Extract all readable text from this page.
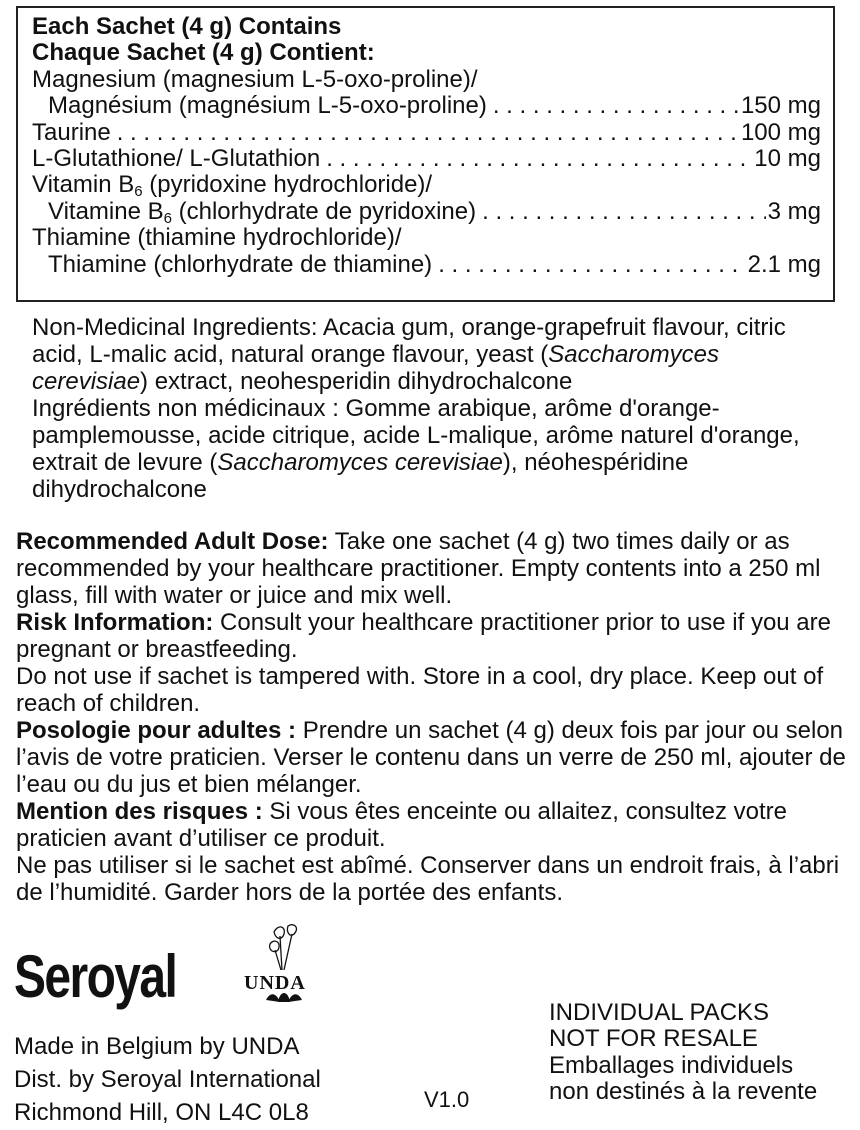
Each Sachet (4 g) Contains
Chaque Sachet (4 g) Contient:
Magnesium (magnesium L-5-oxo-proline)/
Magnésium (magnésium L-5-oxo-proline) . . .	150 mg
Taurine . . .	100 mg
L-Glutathione/ L-Glutathion . . .	10 mg
Vitamin $B_6$ (pyridoxine hydrochloride)/
Vitamine $B_6$ (chlorhydrate de pyridoxine) . . .	3 mg
Thiamine (thiamine hydrochloride)/
Thiamine (chlorhydrate de thiamine) . . .	2.1 mg
Non-Medicinal Ingredients: Acacia gum, orange-grapefruit flavour, citric acid, L-malic acid, natural orange flavour, yeast (Saccharomyces cerevisiae) extract, neohesperidin dihydrochalcone
Ingrédients non médicinaux : Gomme arabique, arôme d'orange-pamplemousse, acide citrique, acide L-malique, arôme naturel d'orange, extrait de levure (Saccharomyces cerevisiae), néohespéridine dihydrochalcone

Recommended Adult Dose: Take one sachet (4 g) two times daily or as recommended by your healthcare practitioner. Empty contents into a 250 ml glass, fill with water or juice and mix well.

Risk Information: Consult your healthcare practitioner prior to use if you are pregnant or breastfeeding.

Do not use if sachet is tampered with. Store in a cool, dry place. Keep out of reach of children.

Posologie pour adultes : Prendre un sachet (4 g) deux fois par jour ou selon l’avis de votre praticien. Verser le contenu dans un verre de 250 ml, ajouter de l’eau ou du jus et bien mélanger.

Mention des risques : Si vous êtes enceinte ou allaitez, consultez votre praticien avant d’utiliser ce produit.

Ne pas utiliser si le sachet est abîmé. Conserver dans un endroit frais, à l’abri de l’humidité. Garder hors de la portée des enfants.

Seroyal	UNDA
Made in Belgium by UNDA
Dist. by Seroyal International
Richmond Hill, ON L4C 0L8	V1.0
INDIVIDUAL PACKS
NOT FOR RESALE
Emballages individuels
non destinés à la revente
